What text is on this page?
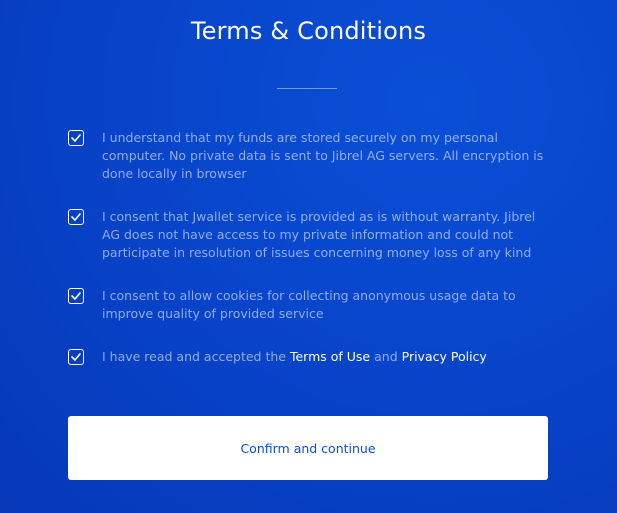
Terms & Conditions
I understand that my funds are stored securely on my personal computer. No private data is sent to Jibrel AG servers. All encryption is done locally in browser
I consent that Jwallet service is provided as is without warranty. Jibrel AG does not have access to my private information and could not participate in resolution of issues concerning money loss of any kind
I consent to allow cookies for collecting anonymous usage data to improve quality of provided service
I have read and accepted the Terms of Use and Privacy Policy
Confirm and continue
